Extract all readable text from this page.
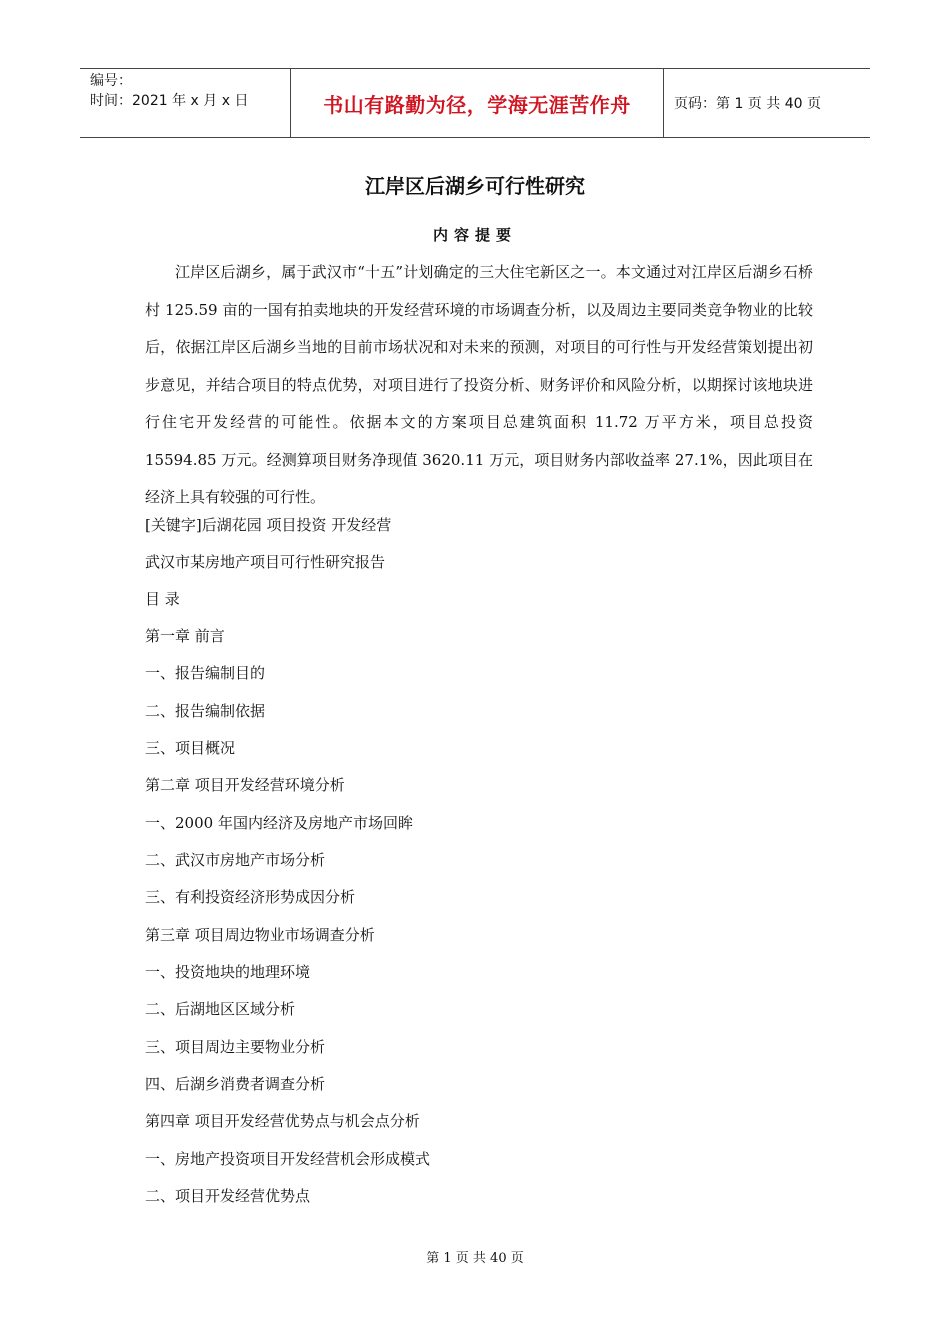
编号：
时间：2021 年 x 月 x 日	书山有路勤为径，学海无涯苦作舟	页码：第 1 页 共 40 页
江岸区后湖乡可行性研究
内容提要

江岸区后湖乡，属于武汉市“十五”计划确定的三大住宅新区之一。本文通过对江岸区后湖乡石桥村 125.59 亩的一国有拍卖地块的开发经营环境的市场调查分析，以及周边主要同类竞争物业的比较后，依据江岸区后湖乡当地的目前市场状况和对未来的预测，对项目的可行性与开发经营策划提出初步意见，并结合项目的特点优势，对项目进行了投资分析、财务评价和风险分析，以期探讨该地块进行住宅开发经营的可能性。依据本文的方案项目总建筑面积 11.72 万平方米，项目总投资 15594.85 万元。经测算项目财务净现值 3620.11 万元，项目财务内部收益率 27.1%，因此项目在经济上具有较强的可行性。

[关键字]后湖花园 项目投资 开发经营
武汉市某房地产项目可行性研究报告
目 录
第一章 前言
一、报告编制目的
二、报告编制依据
三、项目概况
第二章 项目开发经营环境分析
一、2000 年国内经济及房地产市场回眸
二、武汉市房地产市场分析
三、有利投资经济形势成因分析
第三章 项目周边物业市场调查分析
一、投资地块的地理环境
二、后湖地区区域分析
三、项目周边主要物业分析
四、后湖乡消费者调查分析
第四章 项目开发经营优势点与机会点分析
一、房地产投资项目开发经营机会形成模式
二、项目开发经营优势点
第 1 页 共 40 页
